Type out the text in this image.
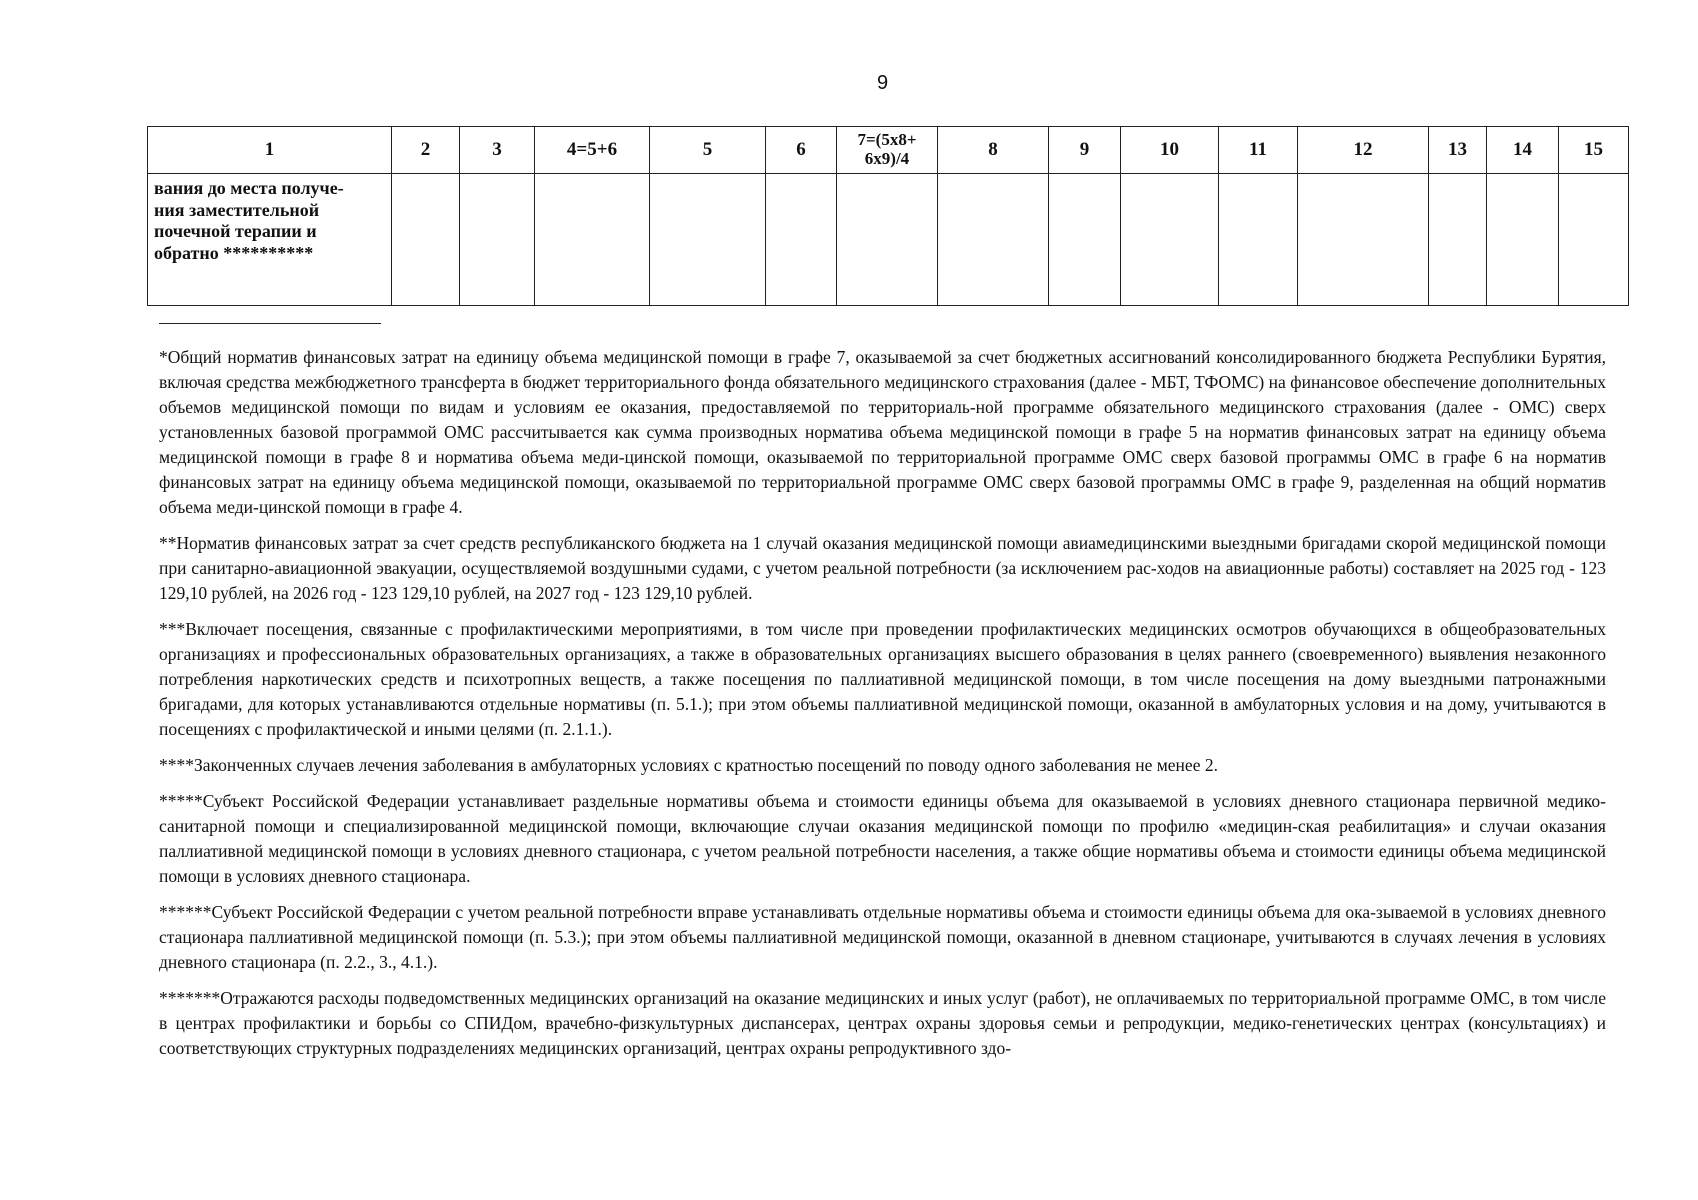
9
1	2	3	4=5+6	5	6	7=(5х8+
6х9)/4	8	9	10	11	12	13	14	15
вания до места получе-
ния заместительной
почечной терапии и
обратно **********														

*Общий норматив финансовых затрат на единицу объема медицинской помощи в графе 7, оказываемой за счет бюджетных ассигнований консолидированного бюджета Республики Бурятия, включая средства межбюджетного трансферта в бюджет территориального фонда обязательного медицинского страхования (далее - МБТ, ТФОМС) на финансовое обеспечение дополнительных объемов медицинской помощи по видам и условиям ее оказания, предоставляемой по территориаль-ной программе обязательного медицинского страхования (далее - ОМС) сверх установленных базовой программой ОМС рассчитывается как сумма производных норматива объема медицинской помощи в графе 5 на норматив финансовых затрат на единицу объема медицинской помощи в графе 8 и норматива объема меди-цинской помощи, оказываемой по территориальной программе ОМС сверх базовой программы ОМС в графе 6 на норматив финансовых затрат на единицу объема медицинской помощи, оказываемой по территориальной программе ОМС сверх базовой программы ОМС в графе 9, разделенная на общий норматив объема меди-цинской помощи в графе 4.

**Норматив финансовых затрат за счет средств республиканского бюджета на 1 случай оказания медицинской помощи авиамедицинскими выездными бригадами скорой медицинской помощи при санитарно-авиационной эвакуации, осуществляемой воздушными судами, с учетом реальной потребности (за исключением рас-ходов на авиационные работы) составляет на 2025 год - 123 129,10 рублей, на 2026 год - 123 129,10 рублей, на 2027 год - 123 129,10 рублей.

***Включает посещения, связанные с профилактическими мероприятиями, в том числе при проведении профилактических медицинских осмотров обучающихся в общеобразовательных организациях и профессиональных образовательных организациях, а также в образовательных организациях высшего образования в целях раннего (своевременного) выявления незаконного потребления наркотических средств и психотропных веществ, а также посещения по паллиативной медицинской помощи, в том числе посещения на дому выездными патронажными бригадами, для которых устанавливаются отдельные нормативы (п. 5.1.); при этом объемы паллиативной медицинской помощи, оказанной в амбулаторных условия и на дому, учитываются в посещениях с профилактической и иными целями (п. 2.1.1.).

****Законченных случаев лечения заболевания в амбулаторных условиях с кратностью посещений по поводу одного заболевания не менее 2.

*****Субъект Российской Федерации устанавливает раздельные нормативы объема и стоимости единицы объема для оказываемой в условиях дневного стационара первичной медико-санитарной помощи и специализированной медицинской помощи, включающие случаи оказания медицинской помощи по профилю «медицин-ская реабилитация» и случаи оказания паллиативной медицинской помощи в условиях дневного стационара, с учетом реальной потребности населения, а также общие нормативы объема и стоимости единицы объема медицинской помощи в условиях дневного стационара.

******Субъект Российской Федерации с учетом реальной потребности вправе устанавливать отдельные нормативы объема и стоимости единицы объема для ока-зываемой в условиях дневного стационара паллиативной медицинской помощи (п. 5.3.); при этом объемы паллиативной медицинской помощи, оказанной в дневном стационаре, учитываются в случаях лечения в условиях дневного стационара (п. 2.2., 3., 4.1.).

*******Отражаются расходы подведомственных медицинских организаций на оказание медицинских и иных услуг (работ), не оплачиваемых по территориальной программе ОМС, в том числе в центрах профилактики и борьбы со СПИДом, врачебно-физкультурных диспансерах, центрах охраны здоровья семьи и репродукции, медико-генетических центрах (консультациях) и соответствующих структурных подразделениях медицинских организаций, центрах охраны репродуктивного здо-
